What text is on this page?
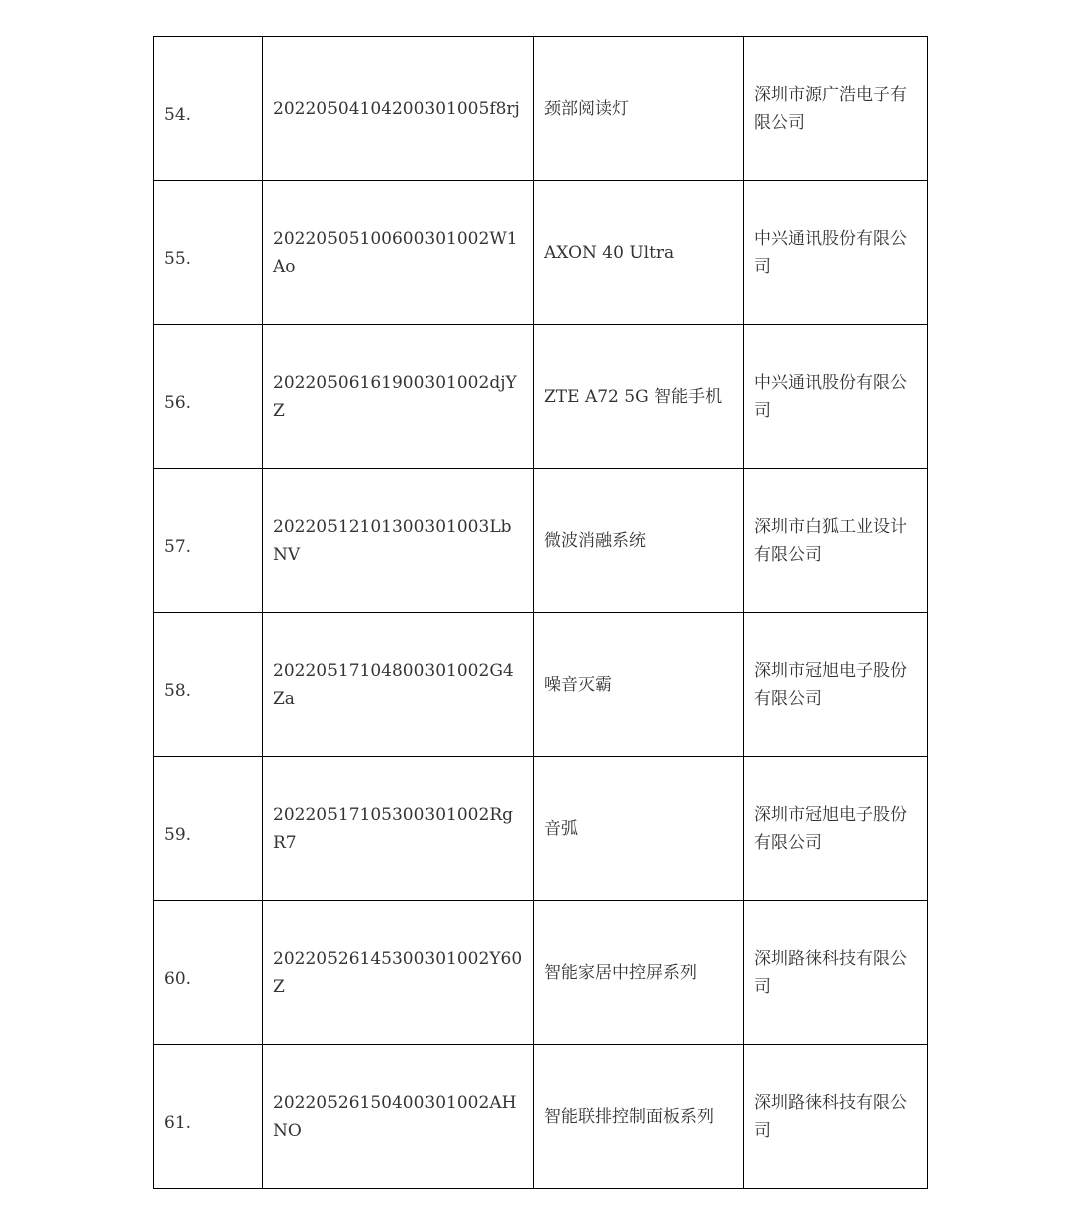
54.	2022050410420030100​5f8rj	颈部阅读灯	深圳市源广浩电子有限公司

55.	20220505100600301002W1Ao	AXON 40 Ultra	中兴通讯股份有限公司

56.	20220506161900301002djYZ	ZTE A72 5G 智能手机	中兴通讯股份有限公司

57.	20220512101300301003LbNV	微波消融系统	深圳市白狐工业设计有限公司

58.	20220517104800301002G4Za	噪音灭霸	深圳市冠旭电子股份有限公司

59.	20220517105300301002RgR7	音弧	深圳市冠旭电子股份有限公司

60.	20220526145300301002Y60Z	智能家居中控屏系列	深圳路徕科技有限公司

61.	20220526150400301002AHNO	智能联排控制面板系列	深圳路徕科技有限公司
